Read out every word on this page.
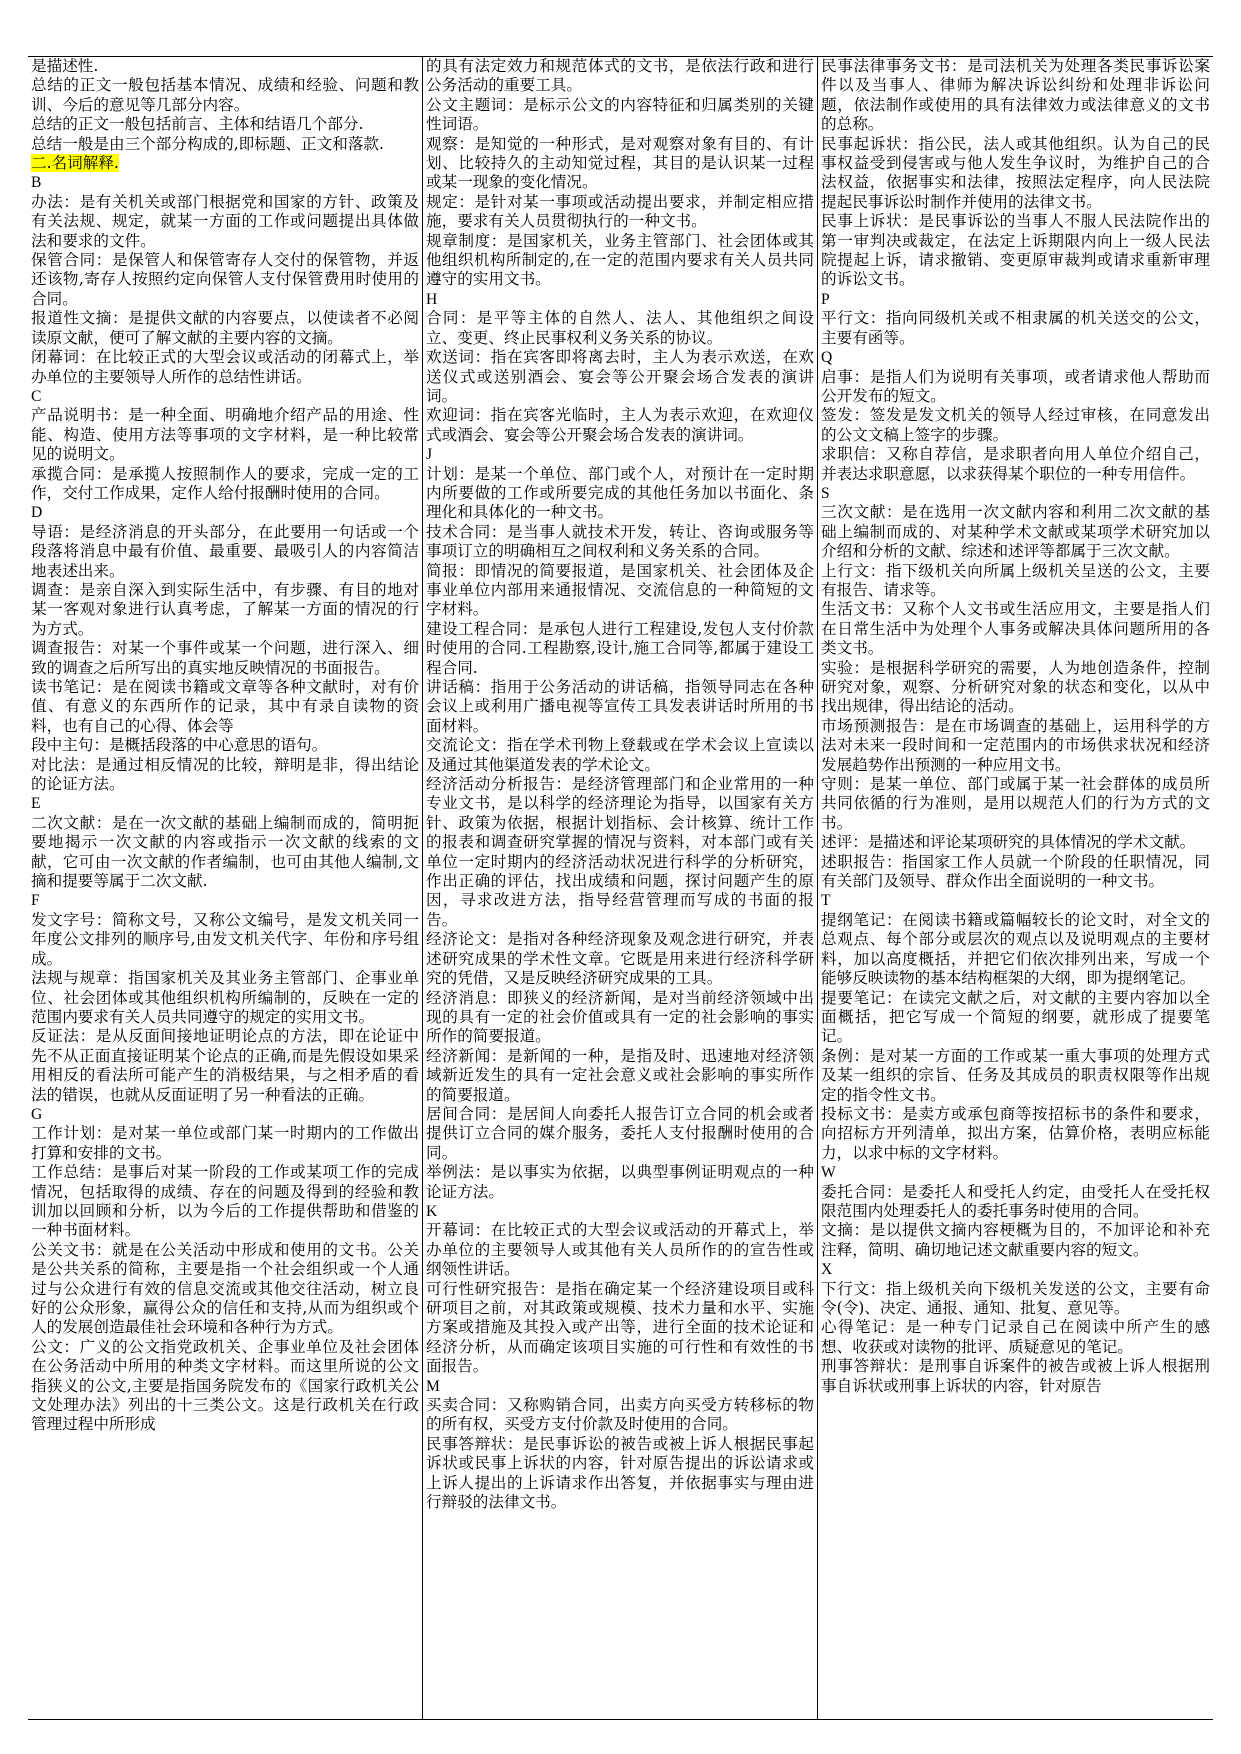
是描述性.

总结的正文一般包括基本情况、成绩和经验、问题和教训、今后的意见等几部分内容。

总结的正文一般包括前言、主体和结语几个部分.

总结一般是由三个部分构成的,即标题、正文和落款.

二.名词解释.

B

办法：是有关机关或部门根据党和国家的方针、政策及有关法规、规定，就某一方面的工作或问题提出具体做法和要求的文件。

保管合同：是保管人和保管寄存人交付的保管物，并返还该物,寄存人按照约定向保管人支付保管费用时使用的合同。

报道性文摘：是提供文献的内容要点，以使读者不必阅读原文献，便可了解文献的主要内容的文摘。

闭幕词：在比较正式的大型会议或活动的闭幕式上，举办单位的主要领导人所作的总结性讲话。

C

产品说明书：是一种全面、明确地介绍产品的用途、性能、构造、使用方法等事项的文字材料，是一种比较常见的说明文。

承揽合同：是承揽人按照制作人的要求，完成一定的工作，交付工作成果，定作人给付报酬时使用的合同。

D

导语：是经济消息的开头部分，在此要用一句话或一个段落将消息中最有价值、最重要、最吸引人的内容简洁地表述出来。

调查：是亲自深入到实际生活中，有步骤、有目的地对某一客观对象进行认真考虑，了解某一方面的情况的行为方式。

调查报告：对某一个事件或某一个问题，进行深入、细致的调查之后所写出的真实地反映情况的书面报告。

读书笔记：是在阅读书籍或文章等各种文献时，对有价值、有意义的东西所作的记录，其中有录自读物的资料，也有自己的心得、体会等

段中主句：是概括段落的中心意思的语句。

对比法：是通过相反情况的比较，辩明是非，得出结论的论证方法。

E

二次文献：是在一次文献的基础上编制而成的，简明扼要地揭示一次文献的内容或指示一次文献的线索的文献，它可由一次文献的作者编制，也可由其他人编制,文摘和提要等属于二次文献.

F

发文字号：简称文号，又称公文编号，是发文机关同一年度公文排列的顺序号,由发文机关代字、年份和序号组成。

法规与规章：指国家机关及其业务主管部门、企事业单位、社会团体或其他组织机构所编制的，反映在一定的范围内要求有关人员共同遵守的规定的实用文书。

反证法：是从反面间接地证明论点的方法，即在论证中先不从正面直接证明某个论点的正确,而是先假设如果采用相反的看法所可能产生的消极结果，与之相矛盾的看法的错误，也就从反面证明了另一种看法的正确。

G

工作计划：是对某一单位或部门某一时期内的工作做出打算和安排的文书。

工作总结：是事后对某一阶段的工作或某项工作的完成情况，包括取得的成绩、存在的问题及得到的经验和教训加以回顾和分析，以为今后的工作提供帮助和借鉴的一种书面材料。

公关文书：就是在公关活动中形成和使用的文书。公关是公共关系的简称，主要是指一个社会组织或一个人通过与公众进行有效的信息交流或其他交往活动，树立良好的公众形象，赢得公众的信任和支持,从而为组织或个人的发展创造最佳社会环境和各种行为方式。

公文：广义的公文指党政机关、企事业单位及社会团体在公务活动中所用的种类文字材料。而这里所说的公文指狭义的公文,主要是指国务院发布的《国家行政机关公文处理办法》列出的十三类公文。这是行政机关在行政管理过程中所形成

的具有法定效力和规范体式的文书，是依法行政和进行公务活动的重要工具。

公文主题词：是标示公文的内容特征和归属类别的关键性词语。

观察：是知觉的一种形式，是对观察对象有目的、有计划、比较持久的主动知觉过程，其目的是认识某一过程或某一现象的变化情况。

规定：是针对某一事项或活动提出要求，并制定相应措施，要求有关人员贯彻执行的一种文书。

规章制度：是国家机关，业务主管部门、社会团体或其他组织机构所制定的,在一定的范围内要求有关人员共同遵守的实用文书。

H

合同：是平等主体的自然人、法人、其他组织之间设立、变更、终止民事权利义务关系的协议。

欢送词：指在宾客即将离去时，主人为表示欢送，在欢送仪式或送别酒会、宴会等公开聚会场合发表的演讲词。

欢迎词：指在宾客光临时，主人为表示欢迎，在欢迎仪式或酒会、宴会等公开聚会场合发表的演讲词。

J

计划：是某一个单位、部门或个人，对预计在一定时期内所要做的工作或所要完成的其他任务加以书面化、条理化和具体化的一种文书。

技术合同：是当事人就技术开发，转让、咨询或服务等事项订立的明确相互之间权利和义务关系的合同。

简报：即情况的简要报道，是国家机关、社会团体及企事业单位内部用来通报情况、交流信息的一种简短的文字材料。

建设工程合同：是承包人进行工程建设,发包人支付价款时使用的合同.工程勘察,设计,施工合同等,都属于建设工程合同.

讲话稿：指用于公务活动的讲话稿，指领导同志在各种会议上或利用广播电视等宣传工具发表讲话时所用的书面材料。

交流论文：指在学术刊物上登载或在学术会议上宣读以及通过其他渠道发表的学术论文。

经济活动分析报告：是经济管理部门和企业常用的一种专业文书，是以科学的经济理论为指导，以国家有关方针、政策为依据，根据计划指标、会计核算、统计工作的报表和调查研究掌握的情况与资料，对本部门或有关单位一定时期内的经济活动状况进行科学的分析研究，作出正确的评估，找出成绩和问题，探讨问题产生的原因，寻求改进方法，指导经营管理而写成的书面的报告。

经济论文：是指对各种经济现象及观念进行研究，并表述研究成果的学术性文章。它既是用来进行经济科学研究的凭借，又是反映经济研究成果的工具。

经济消息：即狭义的经济新闻，是对当前经济领域中出现的具有一定的社会价值或具有一定的社会影响的事实所作的简要报道。

经济新闻：是新闻的一种，是指及时、迅速地对经济领域新近发生的具有一定社会意义或社会影响的事实所作的简要报道。

居间合同：是居间人向委托人报告订立合同的机会或者提供订立合同的媒介服务，委托人支付报酬时使用的合同。

举例法：是以事实为依据，以典型事例证明观点的一种论证方法。

K

开幕词：在比较正式的大型会议或活动的开幕式上，举办单位的主要领导人或其他有关人员所作的的宣告性或纲领性讲话。

可行性研究报告：是指在确定某一个经济建设项目或科研项目之前，对其政策或规模、技术力量和水平、实施方案或措施及其投入或产出等，进行全面的技术论证和经济分析，从而确定该项目实施的可行性和有效性的书面报告。

M

买卖合同：又称购销合同，出卖方向买受方转移标的物的所有权，买受方支付价款及时使用的合同。

民事答辩状：是民事诉讼的被告或被上诉人根据民事起诉状或民事上诉状的内容，针对原告提出的诉讼请求或上诉人提出的上诉请求作出答复，并依据事实与理由进行辩驳的法律文书。

民事法律事务文书：是司法机关为处理各类民事诉讼案件以及当事人、律师为解决诉讼纠纷和处理非诉讼问题，依法制作或使用的具有法律效力或法律意义的文书的总称。

民事起诉状：指公民，法人或其他组织。认为自己的民事权益受到侵害或与他人发生争议时，为维护自己的合法权益，依据事实和法律，按照法定程序，向人民法院提起民事诉讼时制作并使用的法律文书。

民事上诉状：是民事诉讼的当事人不服人民法院作出的第一审判决或裁定，在法定上诉期限内向上一级人民法院提起上诉，请求撤销、变更原审裁判或请求重新审理的诉讼文书。

P

平行文：指向同级机关或不相隶属的机关送交的公文，主要有函等。

Q

启事：是指人们为说明有关事项，或者请求他人帮助而公开发布的短文。

签发：签发是发文机关的领导人经过审核，在同意发出的公文文稿上签字的步骤。

求职信：又称自荐信，是求职者向用人单位介绍自己，并表达求职意愿，以求获得某个职位的一种专用信件。

S

三次文献：是在选用一次文献内容和利用二次文献的基础上编制而成的、对某种学术文献或某项学术研究加以介绍和分析的文献、综述和述评等都属于三次文献。

上行文：指下级机关向所属上级机关呈送的公文，主要有报告、请求等。

生活文书：又称个人文书或生活应用文，主要是指人们在日常生活中为处理个人事务或解决具体问题所用的各类文书。

实验：是根据科学研究的需要，人为地创造条件，控制研究对象，观察、分析研究对象的状态和变化，以从中找出规律，得出结论的活动。

市场预测报告：是在市场调查的基础上，运用科学的方法对未来一段时间和一定范围内的市场供求状况和经济发展趋势作出预测的一种应用文书。

守则：是某一单位、部门或属于某一社会群体的成员所共同依循的行为准则，是用以规范人们的行为方式的文书。

述评：是描述和评论某项研究的具体情况的学术文献。

述职报告：指国家工作人员就一个阶段的任职情况，同有关部门及领导、群众作出全面说明的一种文书。

T

提纲笔记：在阅读书籍或篇幅较长的论文时，对全文的总观点、每个部分或层次的观点以及说明观点的主要材料，加以高度概括，并把它们依次排列出来，写成一个能够反映读物的基本结构框架的大纲，即为提纲笔记。

提要笔记：在读完文献之后，对文献的主要内容加以全面概括，把它写成一个简短的纲要，就形成了提要笔记。

条例：是对某一方面的工作或某一重大事项的处理方式及某一组织的宗旨、任务及其成员的职责权限等作出规定的指令性文书。

投标文书：是卖方或承包商等按招标书的条件和要求，向招标方开列清单，拟出方案，估算价格，表明应标能力，以求中标的文字材料。

W

委托合同：是委托人和受托人约定，由受托人在受托权限范围内处理委托人的委托事务时使用的合同。

文摘：是以提供文摘内容梗概为目的，不加评论和补充注释，简明、确切地记述文献重要内容的短文。

X

下行文：指上级机关向下级机关发送的公文，主要有命令(令)、决定、通报、通知、批复、意见等。

心得笔记：是一种专门记录自己在阅读中所产生的感想、收获或对读物的批评、质疑意见的笔记。

刑事答辩状：是刑事自诉案件的被告或被上诉人根据刑事自诉状或刑事上诉状的内容，针对原告
